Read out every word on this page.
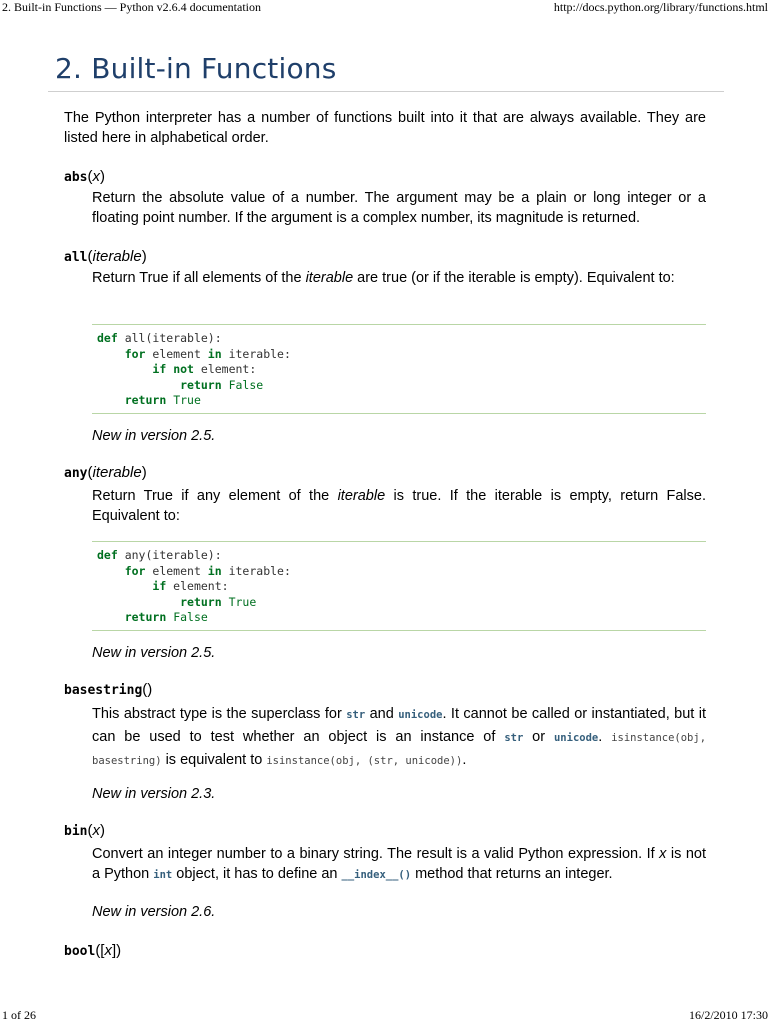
2. Built-in Functions — Python v2.6.4 documentation	http://docs.python.org/library/functions.html
2. Built-in Functions

The Python interpreter has a number of functions built into it that are always available. They are listed here in alphabetical order.

abs(x)

Return the absolute value of a number. The argument may be a plain or long integer or a floating point number. If the argument is a complex number, its magnitude is returned.

all(iterable)

Return True if all elements of the iterable are true (or if the iterable is empty). Equivalent to:

def all(iterable):
for element in iterable:
if not element:
return False
return True
New in version 2.5.
any(iterable)

Return True if any element of the iterable is true. If the iterable is empty, return False. Equivalent to:

def any(iterable):
for element in iterable:
if element:
return True
return False
New in version 2.5.
basestring()

This abstract type is the superclass for str and unicode. It cannot be called or instantiated, but it can be used to test whether an object is an instance of str or unicode. isinstance(obj, basestring) is equivalent to isinstance(obj, (str, unicode)).

New in version 2.3.
bin(x)

Convert an integer number to a binary string. The result is a valid Python expression. If x is not a Python int object, it has to define an __index__() method that returns an integer.

New in version 2.6.
bool([x])
1 of 26	16/2/2010 17:30
